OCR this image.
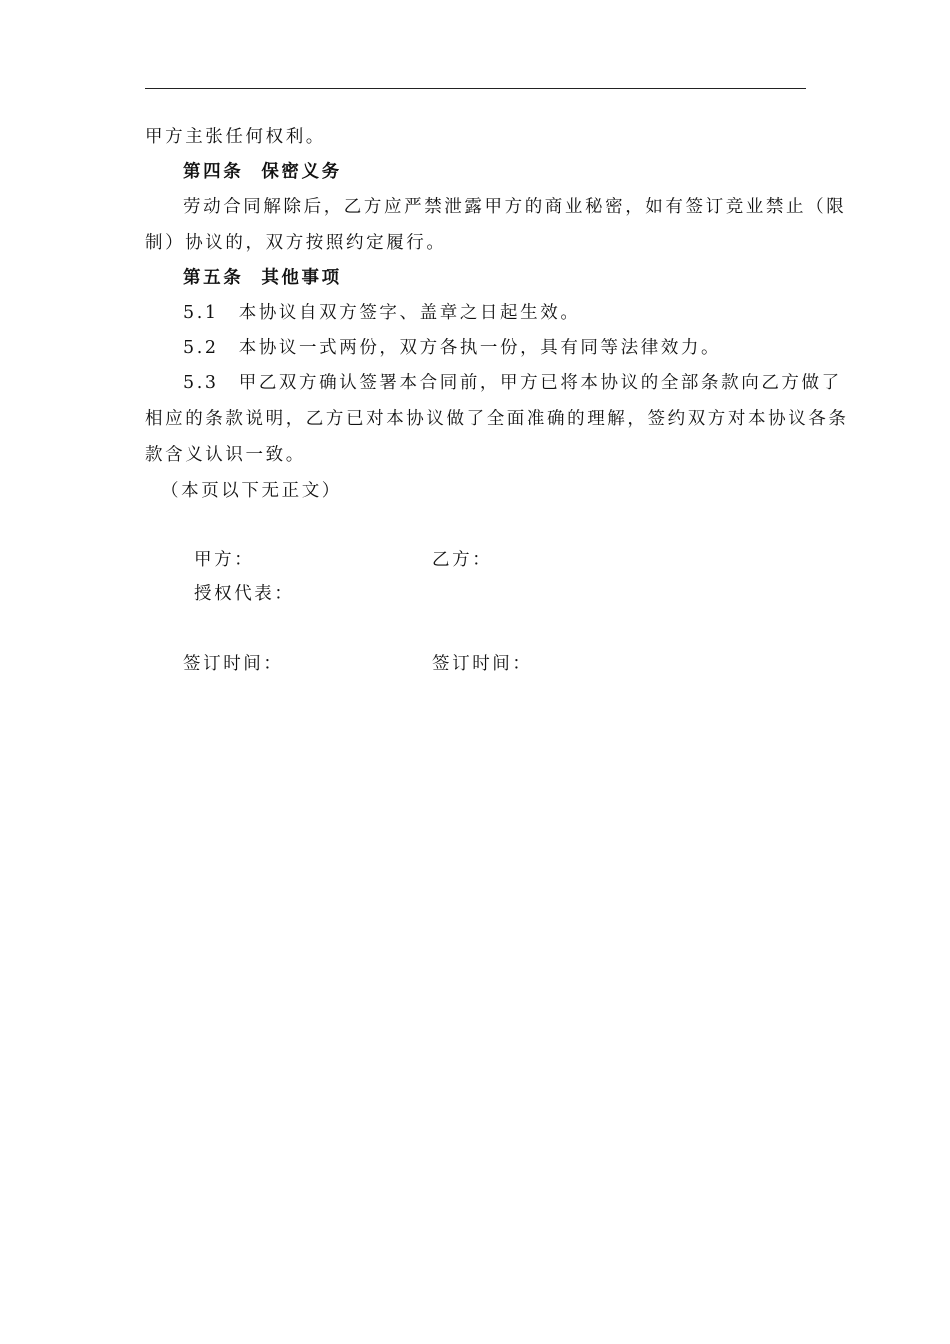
甲方主张任何权利。
第四条 保密义务
劳动合同解除后，乙方应严禁泄露甲方的商业秘密，如有签订竞业禁止（限
制）协议的，双方按照约定履行。
第五条 其他事项
5.1　本协议自双方签字、盖章之日起生效。
5.2　本协议一式两份，双方各执一份，具有同等法律效力。
5.3　甲乙双方确认签署本合同前，甲方已将本协议的全部条款向乙方做了
相应的条款说明，乙方已对本协议做了全面准确的理解，签约双方对本协议各条
款含义认识一致。
（本页以下无正文）
甲方：	乙方：
授权代表：
签订时间：	签订时间：
